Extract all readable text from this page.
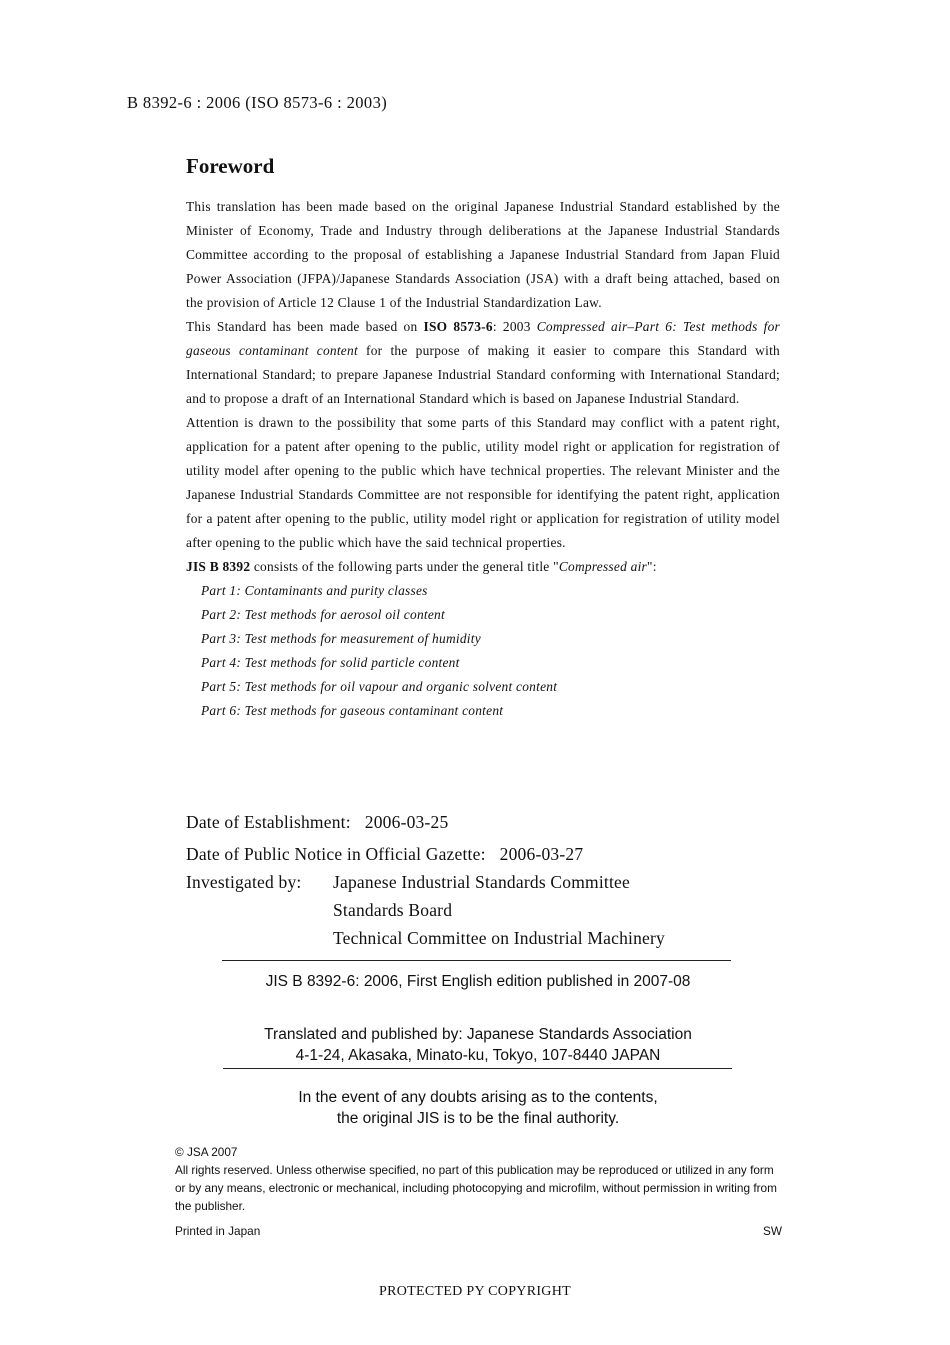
B 8392-6 : 2006 (ISO 8573-6 : 2003)
Foreword

This translation has been made based on the original Japanese Industrial Standard established by the Minister of Economy, Trade and Industry through deliberations at the Japanese Industrial Standards Committee according to the proposal of establishing a Japanese Industrial Standard from Japan Fluid Power Association (JFPA)/Japanese Standards Association (JSA) with a draft being attached, based on the provision of Article 12 Clause 1 of the Industrial Standardization Law.

This Standard has been made based on ISO 8573-6: 2003 Compressed air–Part 6: Test methods for gaseous contaminant content for the purpose of making it easier to compare this Standard with International Standard; to prepare Japanese Industrial Standard conforming with International Standard; and to propose a draft of an International Standard which is based on Japanese Industrial Standard.

Attention is drawn to the possibility that some parts of this Standard may conflict with a patent right, application for a patent after opening to the public, utility model right or application for registration of utility model after opening to the public which have technical properties. The relevant Minister and the Japanese Industrial Standards Committee are not responsible for identifying the patent right, application for a patent after opening to the public, utility model right or application for registration of utility model after opening to the public which have the said technical properties.

JIS B 8392 consists of the following parts under the general title "Compressed air":

Part 1: Contaminants and purity classes
Part 2: Test methods for aerosol oil content
Part 3: Test methods for measurement of humidity
Part 4: Test methods for solid particle content
Part 5: Test methods for oil vapour and organic solvent content
Part 6: Test methods for gaseous contaminant content
Date of Establishment: 2006-03-25
Date of Public Notice in Official Gazette: 2006-03-27
Investigated by: Japanese Industrial Standards Committee
Standards Board
Technical Committee on Industrial Machinery
JIS B 8392-6: 2006, First English edition published in 2007-08
Translated and published by: Japanese Standards Association
4-1-24, Akasaka, Minato-ku, Tokyo, 107-8440 JAPAN
In the event of any doubts arising as to the contents,
the original JIS is to be the final authority.

© JSA 2007

All rights reserved. Unless otherwise specified, no part of this publication may be reproduced or utilized in any form or by any means, electronic or mechanical, including photocopying and microfilm, without permission in writing from the publisher.

Printed in Japan	SW
PROTECTED PY COPYRIGHT
